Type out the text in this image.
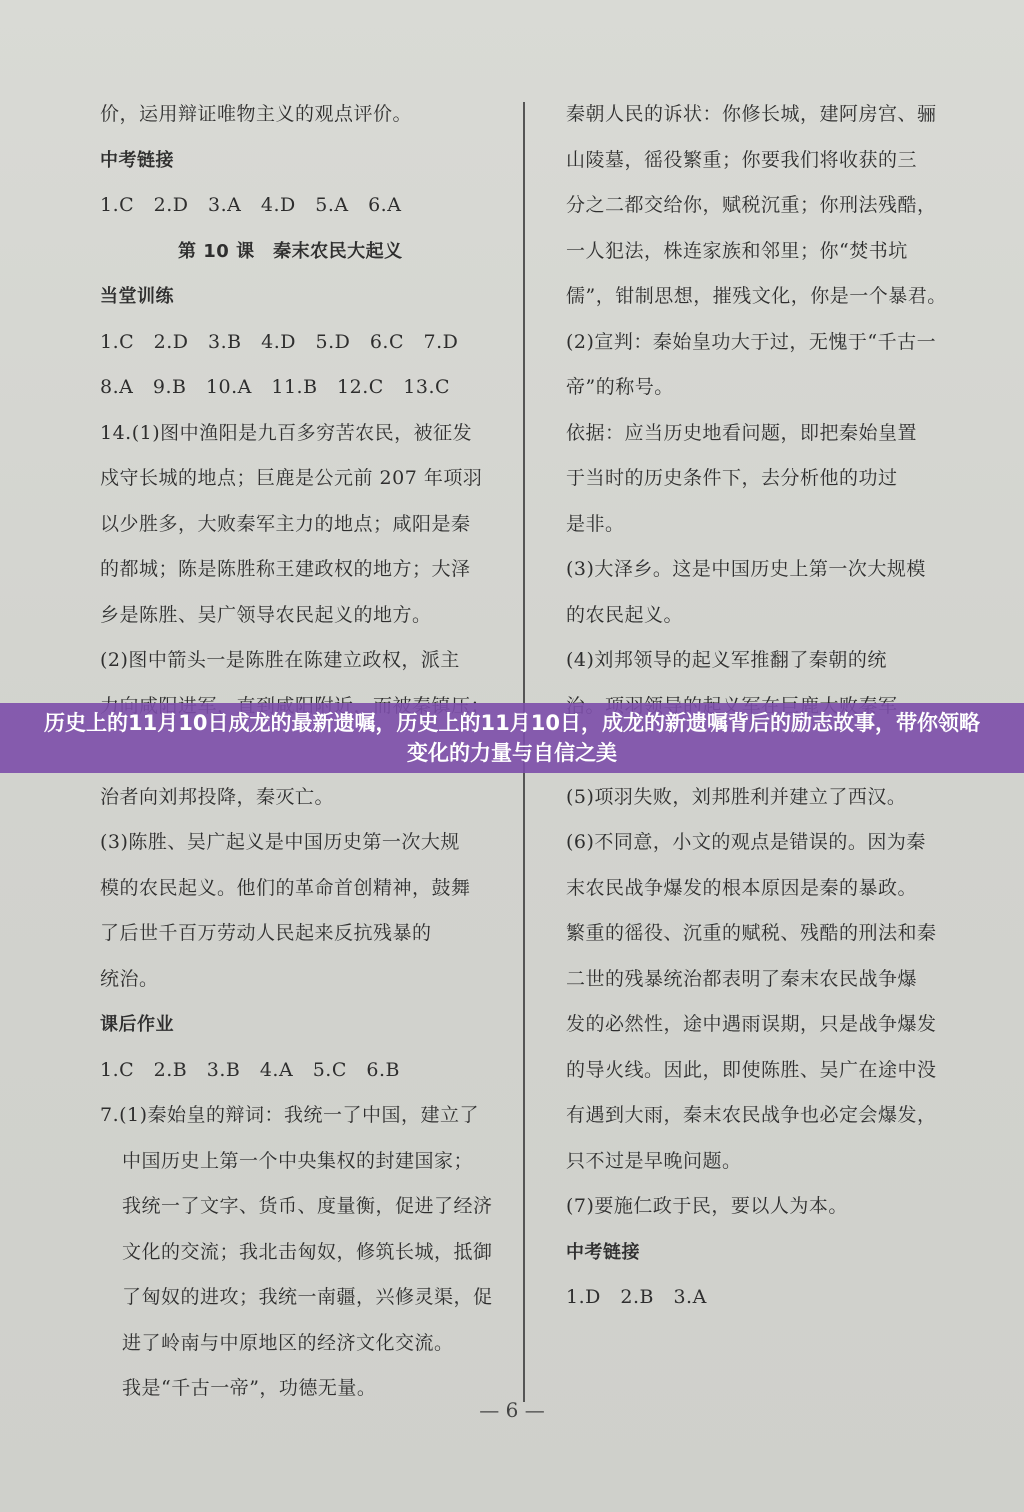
价，运用辩证唯物主义的观点评价。
中考链接
1.C　2.D　3.A　4.D　5.A　6.A
第 10 课　秦末农民大起义
当堂训练
1.C　2.D　3.B　4.D　5.D　6.C　7.D
8.A　9.B　10.A　11.B　12.C　13.C
14.(1)图中渔阳是九百多穷苦农民，被征发
戍守长城的地点；巨鹿是公元前 207 年项羽
以少胜多，大败秦军主力的地点；咸阳是秦
的都城；陈是陈胜称王建政权的地方；大泽
乡是陈胜、吴广领导农民起义的地方。
(2)图中箭头一是陈胜在陈建立政权，派主
治者向刘邦投降，秦灭亡。
(3)陈胜、吴广起义是中国历史第一次大规
模的农民起义。他们的革命首创精神，鼓舞
了后世千百万劳动人民起来反抗残暴的
统治。
课后作业
1.C　2.B　3.B　4.A　5.C　6.B
7.(1)秦始皇的辩词：我统一了中国，建立了
中国历史上第一个中央集权的封建国家；
我统一了文字、货币、度量衡，促进了经济
文化的交流；我北击匈奴，修筑长城，抵御
了匈奴的进攻；我统一南疆，兴修灵渠，促
进了岭南与中原地区的经济文化交流。
我是“千古一帝”，功德无量。
秦朝人民的诉状：你修长城，建阿房宫、骊
山陵墓，徭役繁重；你要我们将收获的三
分之二都交给你，赋税沉重；你刑法残酷，
一人犯法，株连家族和邻里；你“焚书坑
儒”，钳制思想，摧残文化，你是一个暴君。
(2)宣判：秦始皇功大于过，无愧于“千古一
帝”的称号。
依据：应当历史地看问题，即把秦始皇置
于当时的历史条件下，去分析他的功过
是非。
(3)大泽乡。这是中国历史上第一次大规模
的农民起义。
(4)刘邦领导的起义军推翻了秦朝的统
(5)项羽失败，刘邦胜利并建立了西汉。
(6)不同意，小文的观点是错误的。因为秦
末农民战争爆发的根本原因是秦的暴政。
繁重的徭役、沉重的赋税、残酷的刑法和秦
二世的残暴统治都表明了秦末农民战争爆
发的必然性，途中遇雨误期，只是战争爆发
的导火线。因此，即使陈胜、吴广在途中没
有遇到大雨，秦末农民战争也必定会爆发，
只不过是早晚问题。
(7)要施仁政于民，要以人为本。
中考链接
1.D　2.B　3.A
— 6 —
历史上的11月10日成龙的最新遗嘱，历史上的11月10日，成龙的新遗嘱背后的励志故事，带你领略变化的力量与自信之美
